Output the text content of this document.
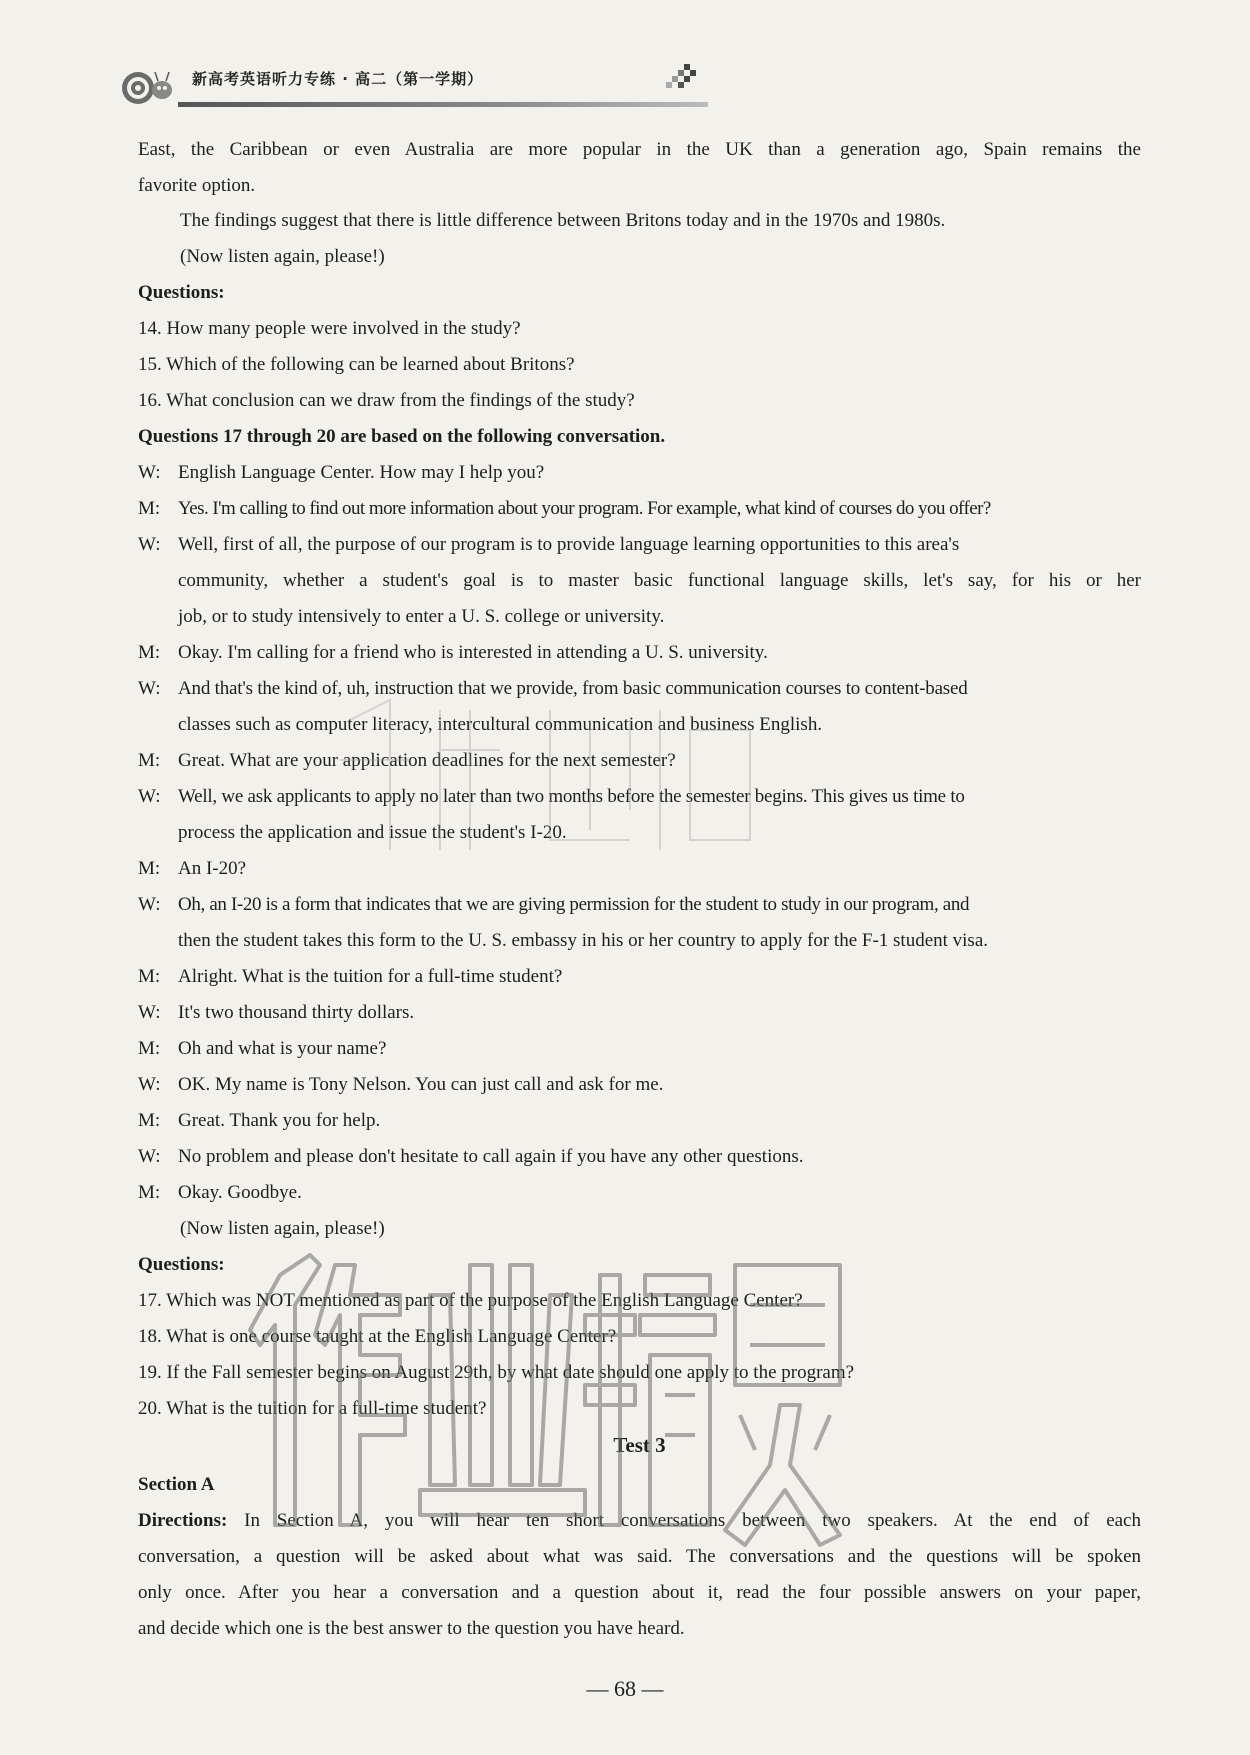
新高考英语听力专练 · 高二（第一学期）
East, the Caribbean or even Australia are more popular in the UK than a generation ago, Spain remains the
favorite option.
The findings suggest that there is little difference between Britons today and in the 1970s and 1980s.
(Now listen again, please!)
Questions:
14. How many people were involved in the study?
15. Which of the following can be learned about Britons?
16. What conclusion can we draw from the findings of the study?
Questions 17 through 20 are based on the following conversation.
W: English Language Center. How may I help you?
M: Yes. I'm calling to find out more information about your program. For example, what kind of courses do you offer?
W: Well, first of all, the purpose of our program is to provide language learning opportunities to this area's
community, whether a student's goal is to master basic functional language skills, let's say, for his or her
job, or to study intensively to enter a U. S. college or university.
M: Okay. I'm calling for a friend who is interested in attending a U. S. university.
W: And that's the kind of, uh, instruction that we provide, from basic communication courses to content-based
classes such as computer literacy, intercultural communication and business English.
M: Great. What are your application deadlines for the next semester?
W: Well, we ask applicants to apply no later than two months before the semester begins. This gives us time to
process the application and issue the student's I-20.
M: An I-20?
W: Oh, an I-20 is a form that indicates that we are giving permission for the student to study in our program, and
then the student takes this form to the U. S. embassy in his or her country to apply for the F-1 student visa.
M: Alright. What is the tuition for a full-time student?
W: It's two thousand thirty dollars.
M: Oh and what is your name?
W: OK. My name is Tony Nelson. You can just call and ask for me.
M: Great. Thank you for help.
W: No problem and please don't hesitate to call again if you have any other questions.
M: Okay. Goodbye.
(Now listen again, please!)
Questions:
17. Which was NOT mentioned as part of the purpose of the English Language Center?
18. What is one course taught at the English Language Center?
19. If the Fall semester begins on August 29th, by what date should one apply to the program?
20. What is the tuition for a full-time student?
Test 3
Section A
Directions: In Section A, you will hear ten short conversations between two speakers. At the end of each
conversation, a question will be asked about what was said. The conversations and the questions will be spoken
only once. After you hear a conversation and a question about it, read the four possible answers on your paper,
and decide which one is the best answer to the question you have heard.
— 68 —
